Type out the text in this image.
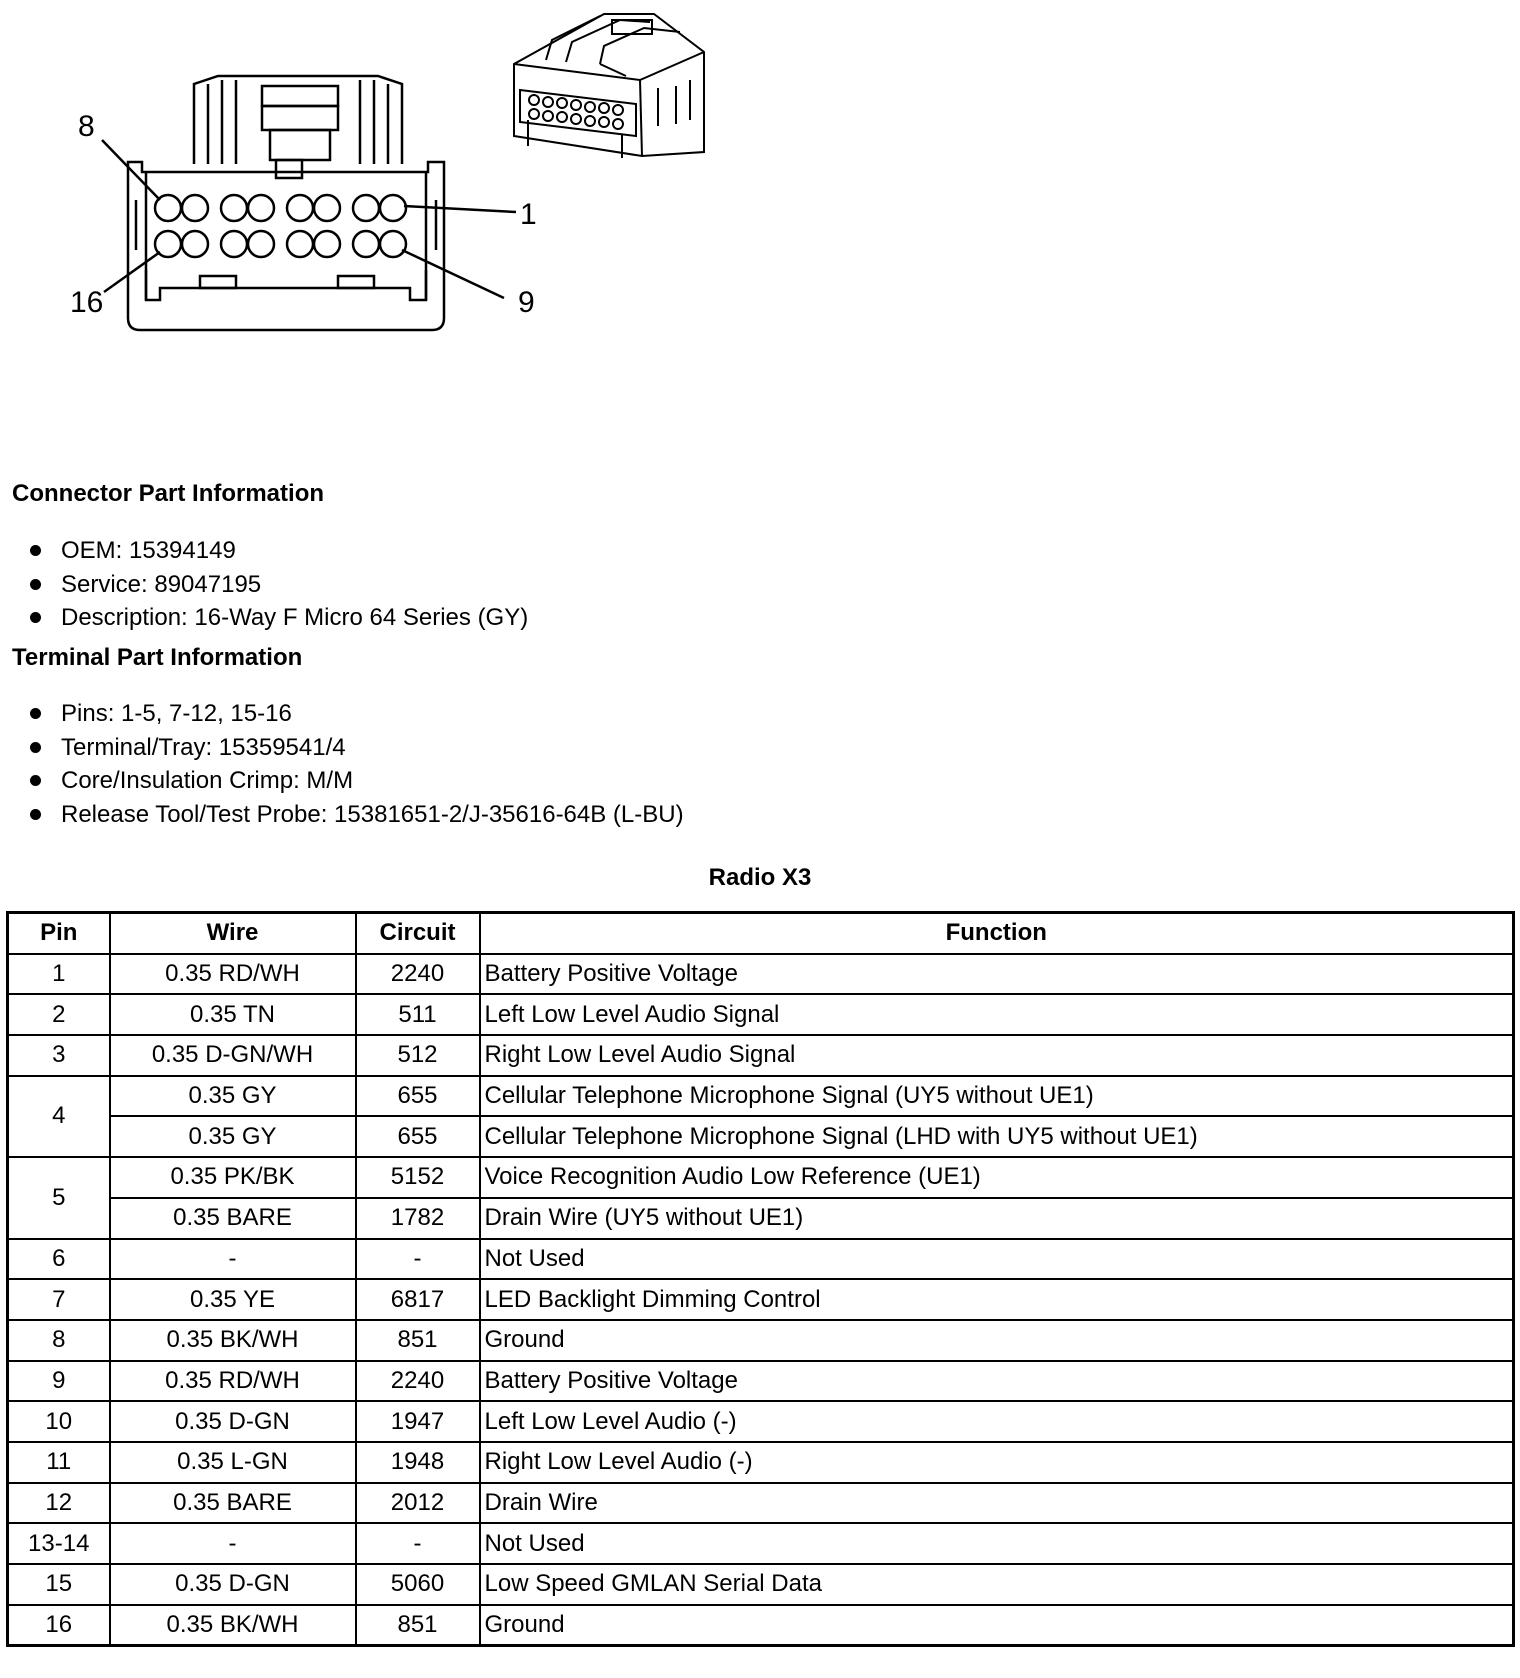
8
1
16	9
Connector Part Information
OEM: 15394149
Service: 89047195
Description: 16-Way F Micro 64 Series (GY)
Terminal Part Information
Pins: 1-5, 7-12, 15-16
Terminal/Tray: 15359541/4
Core/Insulation Crimp: M/M
Release Tool/Test Probe: 15381651-2/J-35616-64B (L-BU)
Radio X3
Pin	Wire	Circuit	Function
1	0.35 RD/WH	2240	Battery Positive Voltage
2	0.35 TN	511	Left Low Level Audio Signal
3	0.35 D-GN/WH	512	Right Low Level Audio Signal
4	0.35 GY	655	Cellular Telephone Microphone Signal (UY5 without UE1)
	0.35 GY	655	Cellular Telephone Microphone Signal (LHD with UY5 without UE1)
5	0.35 PK/BK	5152	Voice Recognition Audio Low Reference (UE1)
	0.35 BARE	1782	Drain Wire (UY5 without UE1)
6	-	-	Not Used
7	0.35 YE	6817	LED Backlight Dimming Control
8	0.35 BK/WH	851	Ground
9	0.35 RD/WH	2240	Battery Positive Voltage
10	0.35 D-GN	1947	Left Low Level Audio (-)
11	0.35 L-GN	1948	Right Low Level Audio (-)
12	0.35 BARE	2012	Drain Wire
13-14	-	-	Not Used
15	0.35 D-GN	5060	Low Speed GMLAN Serial Data
16	0.35 BK/WH	851	Ground
